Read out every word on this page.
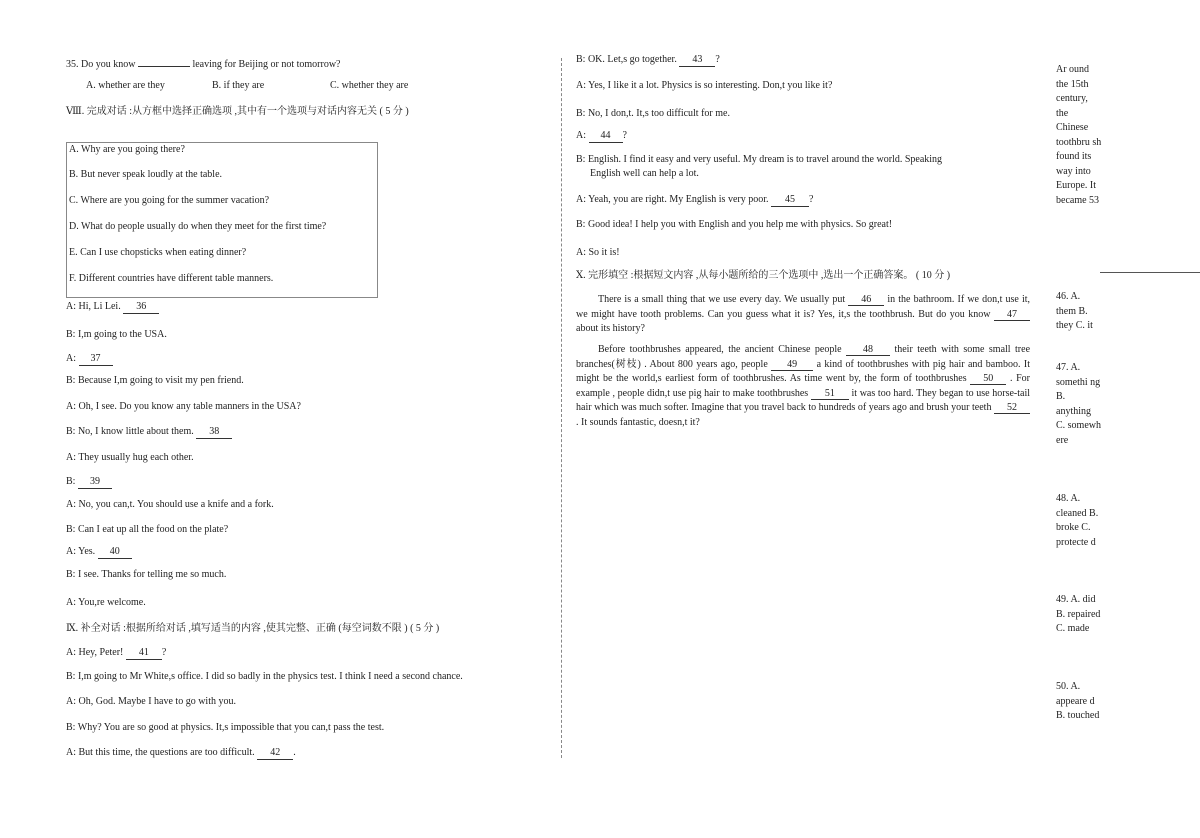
35. Do you know	leaving for Beijing or not tomorrow?
A. whether are they	B. if they are	C. whether they are
Ⅷ. 完成对话 :从方框中选择正确选项 ,其中有一个选项与对话内容无关 ( 5 分 )
A. Why are you going there?
B. But never speak loudly at the table.
C. Where are you going for the summer vacation?
D. What do people usually do when they meet for the first time?
E. Can I use chopsticks when eating dinner?
F. Different countries have different table manners.
A: Hi, Li Lei. 36
B: I,m going to the USA.
A: 37
B: Because I,m going to visit my pen friend.
A: Oh, I see. Do you know any table manners in the USA?
B: No, I know little about them. 38
A: They usually hug each other.
B: 39
A: No, you can,t. You should use a knife and a fork.
B: Can I eat up all the food on the plate?
A: Yes. 40
B: I see. Thanks for telling me so much.
A: You,re welcome.
Ⅸ. 补全对话 :根据所给对话 ,填写适当的内容 ,使其完整、正确 (每空词数不限 ) ( 5 分 )
A: Hey, Peter! 41 ?
B: I,m going to Mr White,s office. I did so badly in the physics test. I think I need a second chance.
A: Oh, God. Maybe I have to go with you.
B: Why? You are so good at physics. It,s impossible that you can,t pass the test.
A: But this time, the questions are too difficult. 42 .
B: OK. Let,s go together. 43 ?
A: Yes, I like it a lot. Physics is so interesting. Don,t you like it?
B: No, I don,t. It,s too difficult for me.
A: 44 ?
B: English. I find it easy and very useful. My dream is to travel around the world. Speaking
English well can help a lot.
A: Yeah, you are right. My English is very poor. 45 ?
B: Good idea! I help you with English and you help me with physics. So great!
A: So it is!
Ⅹ. 完形填空 :根据短文内容 ,从每小题所给的三个选项中 ,选出一个正确答案。 ( 10 分 )
There is a small thing that we use every day. We usually put 46 in the bathroom. If we don,t use it, we might have tooth problems. Can you guess what it is? Yes, it,s the toothbrush. But do you know 47 about its history?
Before toothbrushes appeared, the ancient Chinese people 48 their teeth with some small tree branches(树枝) . About 800 years ago, people 49 a kind of toothbrushes with pig hair and bamboo. It might be the world,s earliest form of toothbrushes. As time went by, the form of toothbrushes 50 . For example , people didn,t use pig hair to make toothbrushes 51 it was too hard. They began to use horse-tail hair which was much softer. Imagine that you travel back to hundreds of years ago and brush your teeth 52 . It sounds fantastic, doesn,t it?
Ar ound the 15th century, the Chinese toothbru sh found its way into Europe. It became 53
46. A. them B. they C. it
47. A. somethi ng B. anything C. somewh ere
48. A. cleaned B. broke C. protecte d
49. A. did B. repaired C. made
50. A. appeare d B. touched
